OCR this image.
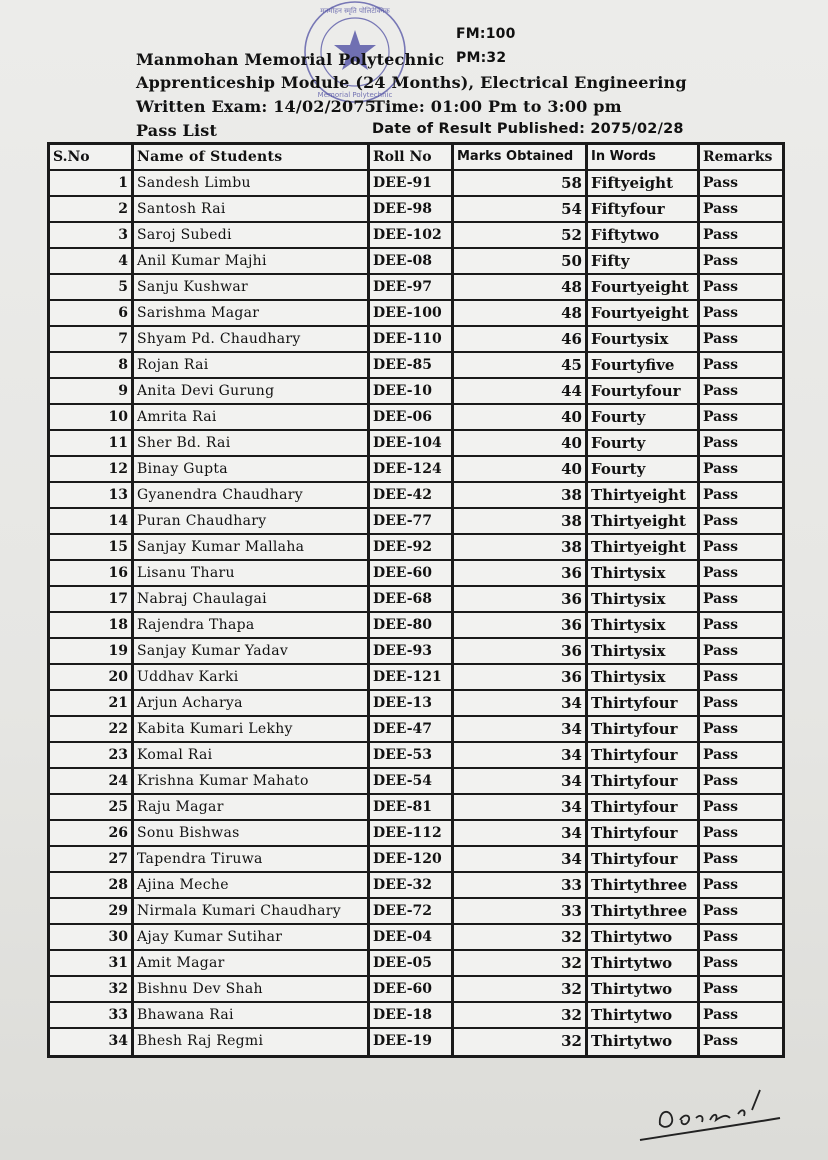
मनमोहन स्मृति पोलिटेक्निक
Memorial Polytechnic
FM:100
PM:32
Manmohan Memorial Polytechnic
Apprenticeship Module (24 Months), Electrical Engineering
Written Exam: 14/02/2075
Time: 01:00 Pm to 3:00 pm
Pass List	Date of Result Published: 2075/02/28
S.No	Name of Students	Roll No	Marks Obtained	In Words	Remarks
1 Sandesh Limbu	DEE-91	58 Fiftyeight	Pass
2 Santosh Rai	DEE-98	54 Fiftyfour	Pass
3 Saroj Subedi	DEE-102	52 Fiftytwo	Pass
4 Anil Kumar Majhi	DEE-08	50 Fifty	Pass
5 Sanju Kushwar	DEE-97	48 Fourtyeight	Pass
6 Sarishma Magar	DEE-100	48 Fourtyeight	Pass
7 Shyam Pd. Chaudhary	DEE-110	46 Fourtysix	Pass
8 Rojan Rai	DEE-85	45 Fourtyfive	Pass
9 Anita Devi Gurung	DEE-10	44 Fourtyfour	Pass
10 Amrita Rai	DEE-06	40 Fourty	Pass
11 Sher Bd. Rai	DEE-104	40 Fourty	Pass
12 Binay Gupta	DEE-124	40 Fourty	Pass
13 Gyanendra Chaudhary	DEE-42	38 Thirtyeight	Pass
14 Puran Chaudhary	DEE-77	38 Thirtyeight	Pass
15 Sanjay Kumar Mallaha	DEE-92	38 Thirtyeight	Pass
16 Lisanu Tharu	DEE-60	36 Thirtysix	Pass
17 Nabraj Chaulagai	DEE-68	36 Thirtysix	Pass
18 Rajendra Thapa	DEE-80	36 Thirtysix	Pass
19 Sanjay Kumar Yadav	DEE-93	36 Thirtysix	Pass
20 Uddhav Karki	DEE-121	36 Thirtysix	Pass
21 Arjun Acharya	DEE-13	34 Thirtyfour	Pass
22 Kabita Kumari Lekhy	DEE-47	34 Thirtyfour	Pass
23 Komal Rai	DEE-53	34 Thirtyfour	Pass
24 Krishna Kumar Mahato	DEE-54	34 Thirtyfour	Pass
25 Raju Magar	DEE-81	34 Thirtyfour	Pass
26 Sonu Bishwas	DEE-112	34 Thirtyfour	Pass
27 Tapendra Tiruwa	DEE-120	34 Thirtyfour	Pass
28 Ajina Meche	DEE-32	33 Thirtythree	Pass
29 Nirmala Kumari Chaudhary	DEE-72	33 Thirtythree	Pass
30 Ajay Kumar Sutihar	DEE-04	32 Thirtytwo	Pass
31 Amit Magar	DEE-05	32 Thirtytwo	Pass
32 Bishnu Dev Shah	DEE-60	32 Thirtytwo	Pass
33 Bhawana Rai	DEE-18	32 Thirtytwo	Pass
34 Bhesh Raj Regmi	DEE-19	32 Thirtytwo	Pass
